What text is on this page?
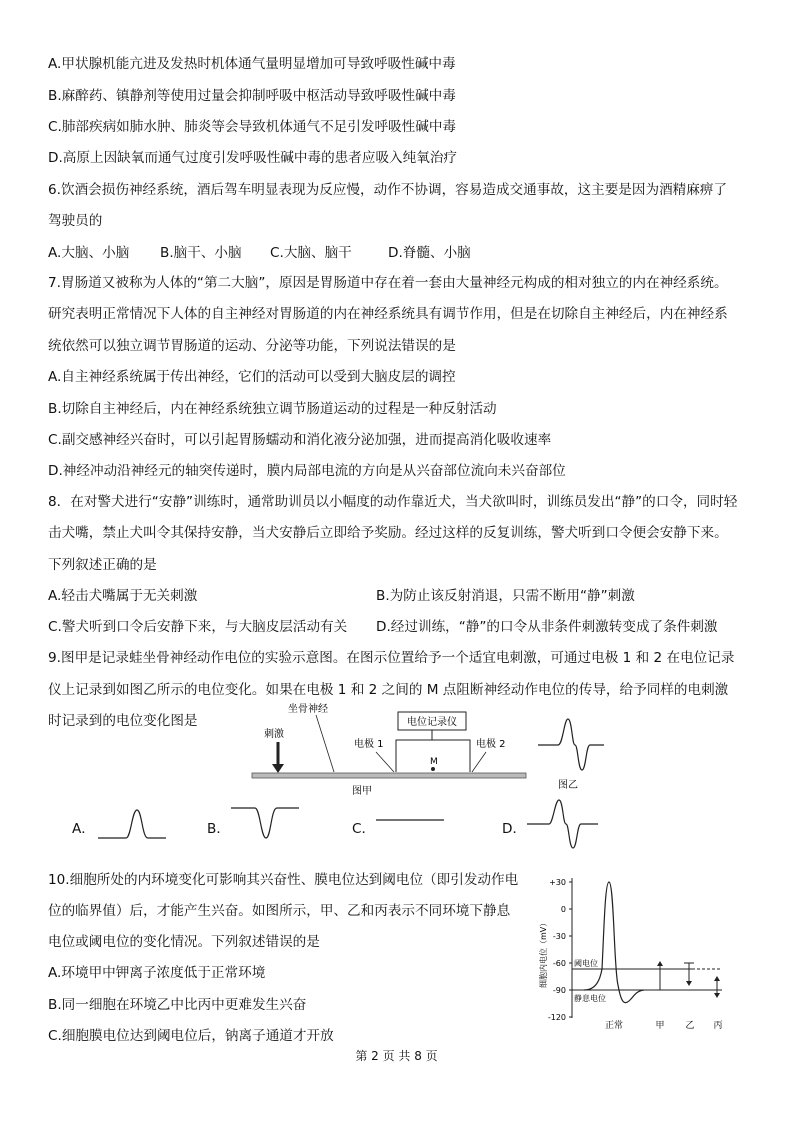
A.甲状腺机能亢进及发热时机体通气量明显增加可导致呼吸性碱中毒
B.麻醉药、镇静剂等使用过量会抑制呼吸中枢活动导致呼吸性碱中毒
C.肺部疾病如肺水肿、肺炎等会导致机体通气不足引发呼吸性碱中毒
D.高原上因缺氧而通气过度引发呼吸性碱中毒的患者应吸入纯氧治疗
6.饮酒会损伤神经系统，酒后驾车明显表现为反应慢，动作不协调，容易造成交通事故，这主要是因为酒精麻痹了
驾驶员的
A.大脑、小脑 B.脑干、小脑 C.大脑、脑干	D.脊髓、小脑
7.胃肠道又被称为人体的“第二大脑”，原因是胃肠道中存在着一套由大量神经元构成的相对独立的内在神经系统。
研究表明正常情况下人体的自主神经对胃肠道的内在神经系统具有调节作用，但是在切除自主神经后，内在神经系
统依然可以独立调节胃肠道的运动、分泌等功能，下列说法错误的是
A.自主神经系统属于传出神经，它们的活动可以受到大脑皮层的调控
B.切除自主神经后，内在神经系统独立调节肠道运动的过程是一种反射活动
C.副交感神经兴奋时，可以引起胃肠蠕动和消化液分泌加强，进而提高消化吸收速率
D.神经冲动沿神经元的轴突传递时，膜内局部电流的方向是从兴奋部位流向未兴奋部位
8．在对警犬进行“安静”训练时，通常助训员以小幅度的动作靠近犬，当犬欲叫时，训练员发出“静”的口令，同时轻
击犬嘴，禁止犬叫令其保持安静，当犬安静后立即给予奖励。经过这样的反复训练，警犬听到口令便会安静下来。
下列叙述正确的是
A.轻击犬嘴属于无关刺激	B.为防止该反射消退，只需不断用“静”刺激
C.警犬听到口令后安静下来，与大脑皮层活动有关 D.经过训练，“静”的口令从非条件刺激转变成了条件刺激
9.图甲是记录蛙坐骨神经动作电位的实验示意图。在图示位置给予一个适宜电刺激，可通过电极 1 和 2 在电位记录
仪上记录到如图乙所示的电位变化。如果在电极 1 和 2 之间的 M 点阻断神经动作电位的传导，给予同样的电刺激
时记录到的电位变化图是
坐骨神经
电位记录仪
刺激
电极 1	电极 2
M
图甲
图乙
A．	B．	C．	D．
10.细胞所处的内环境变化可影响其兴奋性、膜电位达到阈电位（即引发动作电
位的临界值）后，才能产生兴奋。如图所示，甲、乙和丙表示不同环境下静息
电位或阈电位的变化情况。下列叙述错误的是
A.环境甲中钾离子浓度低于正常环境
B.同一细胞在环境乙中比丙中更难发生兴奋
C.细胞膜电位达到阈电位后，钠离子通道才开放
+30
0
-30
-60
-90
-120
细胞内电位（mV）	阈电位
静息电位
正常	甲 乙 丙
第 2 页 共 8 页
